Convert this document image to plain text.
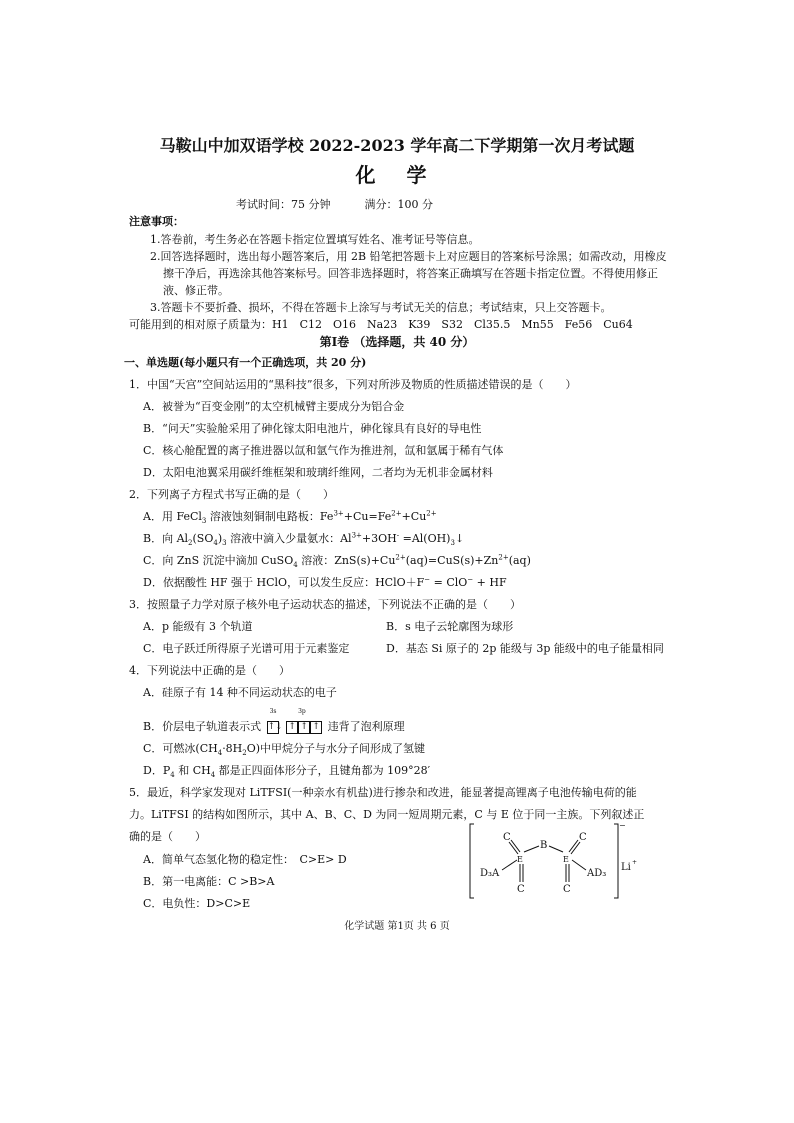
马鞍山中加双语学校 2022-2023 学年高二下学期第一次月考试题
化 学
考试时间：75 分钟	满分：100 分
注意事项：
1.答卷前，考生务必在答题卡指定位置填写姓名、准考证号等信息。
2.回答选择题时，选出每小题答案后，用 2B 铅笔把答题卡上对应题目的答案标号涂黑；如需改动，用橡皮
擦干净后，再选涂其他答案标号。回答非选择题时，将答案正确填写在答题卡指定位置。不得使用修正
液、修正带。
3.答题卡不要折叠、损坏，不得在答题卡上涂写与考试无关的信息；考试结束，只上交答题卡。
可能用到的相对原子质量为：H1　C12　O16　Na23　K39　S32　Cl35.5　Mn55　Fe56　Cu64
第Ⅰ卷 （选择题，共 40 分）
一、单选题(每小题只有一个正确选项，共 20 分)
1．中国“天宫”空间站运用的“黑科技”很多，下列对所涉及物质的性质描述错误的是（　　）
A．被誉为“百变金刚”的太空机械臂主要成分为铝合金
B．“问天”实验舱采用了砷化镓太阳电池片，砷化镓具有良好的导电性
C．核心舱配置的离子推进器以氙和氩气作为推进剂，氙和氩属于稀有气体
D．太阳电池翼采用碳纤维框架和玻璃纤维网，二者均为无机非金属材料
2．下列离子方程式书写正确的是（　　）
A．用 FeCl$_3$ 溶液蚀刻铜制电路板：$Fe^{3+}+Cu=Fe^{2+}+Cu^{2+}$
B．向 $Al_2(SO_4)_3$ 溶液中滴入少量氨水：$Al^{3+}+3OH^-$ $=Al(OH)_3↓$
C．向 ZnS 沉淀中滴加 CuSO$_4$ 溶液：$ZnS(s)+Cu^{2+}(aq)=CuS(s)+Zn^{2+}(aq)$
D．依据酸性 HF 强于 HClO，可以发生反应：HClO＋F− = ClO− + HF
3．按照量子力学对原子核外电子运动状态的描述，下列说法不正确的是（　　）
A．p 能级有 3 个轨道	B．s 电子云轮廓图为球形
C．电子跃迁所得原子光谱可用于元素鉴定	D．基态 Si 原子的 2p 能级与 3p 能级中的电子能量相同
4．下列说法中正确的是（　　）
A．硅原子有 14 种不同运动状态的电子
B．价层电子轨道表示式
3s
↑↓
3p
↑ ↑ ↑ 违背了泡利原理
C．可燃冰$(CH_4\cdot 8H_2O)$中甲烷分子与水分子间形成了氢键
D．$P_4$ 和 $CH_4$ 都是正四面体形分子，且键角都为 109°28′
5．最近，科学家发现对 LiTFSI(一种亲水有机盐)进行掺杂和改进，能显著提高锂离子电池传输电荷的能
力。LiTFSI 的结构如图所示，其中 A、B、C、D 为同一短周期元素，C 与 E 位于同一主族。下列叙述正
确的是（　　）
A．简单气态氢化物的稳定性：　C>E> D
B．第一电离能：C >B>A
C．电负性：D>C>E
C	C
B
E	E
D₃A	AD₃
C	C
−
Li +
化学试题 第1页 共 6 页
